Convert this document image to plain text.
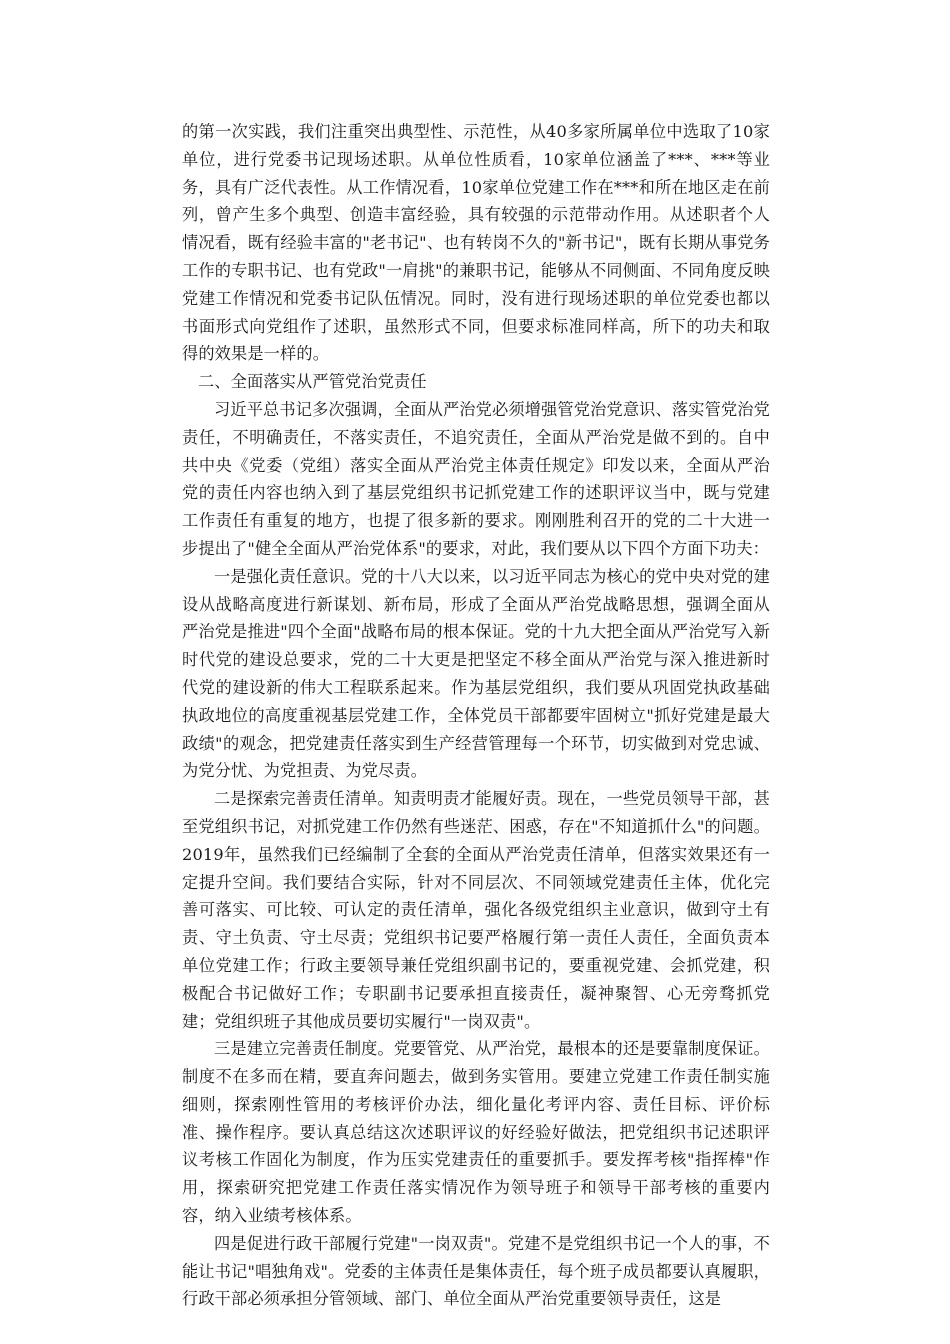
的第一次实践，我们注重突出典型性、示范性，从40多家所属单位中选取了10家单位，进行党委书记现场述职。从单位性质看，10家单位涵盖了***、***等业务，具有广泛代表性。从工作情况看，10家单位党建工作在***和所在地区走在前列，曾产生多个典型、创造丰富经验，具有较强的示范带动作用。从述职者个人情况看，既有经验丰富的"老书记"、也有转岗不久的"新书记"，既有长期从事党务工作的专职书记、也有党政"一肩挑"的兼职书记，能够从不同侧面、不同角度反映党建工作情况和党委书记队伍情况。同时，没有进行现场述职的单位党委也都以书面形式向党组作了述职，虽然形式不同，但要求标准同样高，所下的功夫和取得的效果是一样的。

二、全面落实从严管党治党责任

习近平总书记多次强调，全面从严治党必须增强管党治党意识、落实管党治党责任，不明确责任，不落实责任，不追究责任，全面从严治党是做不到的。自中共中央《党委（党组）落实全面从严治党主体责任规定》印发以来，全面从严治党的责任内容也纳入到了基层党组织书记抓党建工作的述职评议当中，既与党建工作责任有重复的地方，也提了很多新的要求。刚刚胜利召开的党的二十大进一步提出了"健全全面从严治党体系"的要求，对此，我们要从以下四个方面下功夫：

一是强化责任意识。党的十八大以来，以习近平同志为核心的党中央对党的建设从战略高度进行新谋划、新布局，形成了全面从严治党战略思想，强调全面从严治党是推进"四个全面"战略布局的根本保证。党的十九大把全面从严治党写入新时代党的建设总要求，党的二十大更是把坚定不移全面从严治党与深入推进新时代党的建设新的伟大工程联系起来。作为基层党组织，我们要从巩固党执政基础执政地位的高度重视基层党建工作，全体党员干部都要牢固树立"抓好党建是最大政绩"的观念，把党建责任落实到生产经营管理每一个环节，切实做到对党忠诚、为党分忧、为党担责、为党尽责。

二是探索完善责任清单。知责明责才能履好责。现在，一些党员领导干部，甚至党组织书记，对抓党建工作仍然有些迷茫、困惑，存在"不知道抓什么"的问题。2019年，虽然我们已经编制了全套的全面从严治党责任清单，但落实效果还有一定提升空间。我们要结合实际，针对不同层次、不同领域党建责任主体，优化完善可落实、可比较、可认定的责任清单，强化各级党组织主业意识，做到守土有责、守土负责、守土尽责；党组织书记要严格履行第一责任人责任，全面负责本单位党建工作；行政主要领导兼任党组织副书记的，要重视党建、会抓党建，积极配合书记做好工作；专职副书记要承担直接责任，凝神聚智、心无旁骛抓党建；党组织班子其他成员要切实履行"一岗双责"。

三是建立完善责任制度。党要管党、从严治党，最根本的还是要靠制度保证。制度不在多而在精，要直奔问题去，做到务实管用。要建立党建工作责任制实施细则，探索刚性管用的考核评价办法，细化量化考评内容、责任目标、评价标准、操作程序。要认真总结这次述职评议的好经验好做法，把党组织书记述职评议考核工作固化为制度，作为压实党建责任的重要抓手。要发挥考核"指挥棒"作用，探索研究把党建工作责任落实情况作为领导班子和领导干部考核的重要内容，纳入业绩考核体系。

四是促进行政干部履行党建"一岗双责"。党建不是党组织书记一个人的事，不能让书记"唱独角戏"。党委的主体责任是集体责任，每个班子成员都要认真履职，行政干部必须承担分管领域、部门、单位全面从严治党重要领导责任，这是
